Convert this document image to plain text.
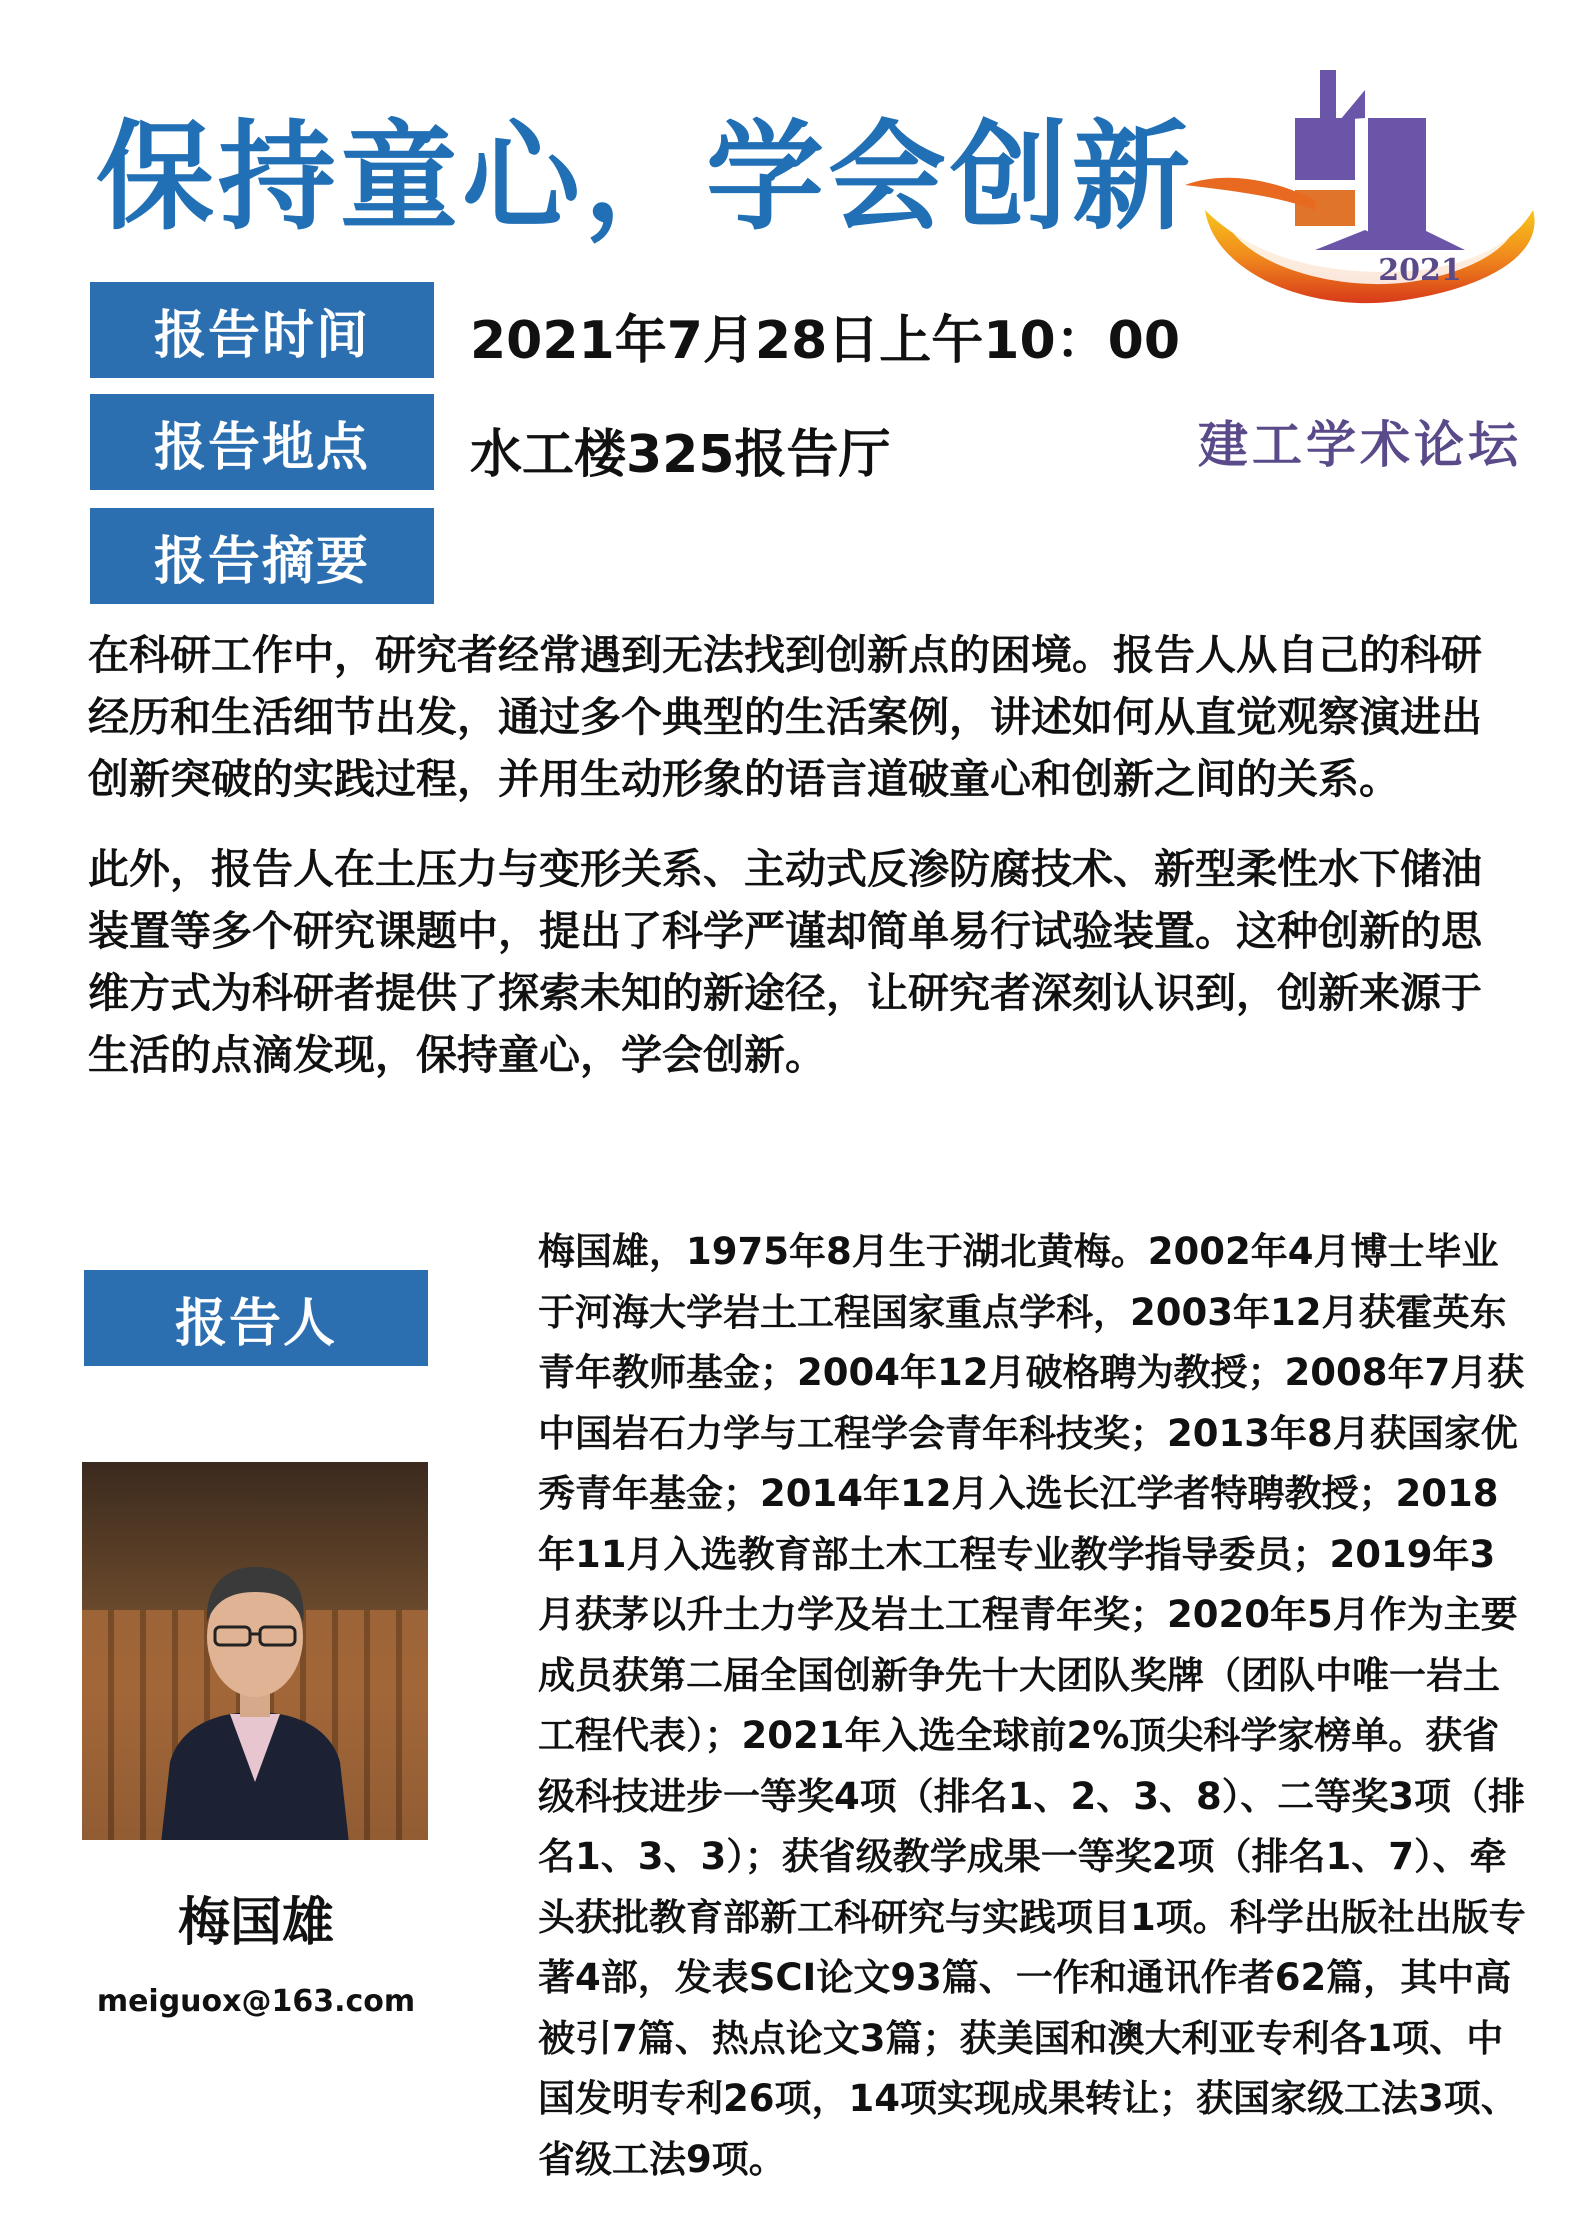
保持童心，学会创新
2021
建工学术论坛
报告时间	2021年7月28日上午10：00
报告地点	水工楼325报告厅
报告摘要

在科研工作中，研究者经常遇到无法找到创新点的困境。报告人从自己的科研经历和生活细节出发，通过多个典型的生活案例，讲述如何从直觉观察演进出创新突破的实践过程，并用生动形象的语言道破童心和创新之间的关系。

此外，报告人在土压力与变形关系、主动式反渗防腐技术、新型柔性水下储油装置等多个研究课题中，提出了科学严谨却简单易行试验装置。这种创新的思维方式为科研者提供了探索未知的新途径，让研究者深刻认识到，创新来源于生活的点滴发现，保持童心，学会创新。

报告人
梅国雄
meiguox@163.com
梅国雄，1975年8月生于湖北黄梅。2002年4月博士毕业于河海大学岩土工程国家重点学科，2003年12月获霍英东青年教师基金；2004年12月破格聘为教授；2008年7月获中国岩石力学与工程学会青年科技奖；2013年8月获国家优秀青年基金；2014年12月入选长江学者特聘教授；2018年11月入选教育部土木工程专业教学指导委员；2019年3月获茅以升土力学及岩土工程青年奖；2020年5月作为主要成员获第二届全国创新争先十大团队奖牌（团队中唯一岩土工程代表）；2021年入选全球前2%顶尖科学家榜单。获省级科技进步一等奖4项（排名1、2、3、8）、二等奖3项（排名1、3、3）；获省级教学成果一等奖2项（排名1、7）、牵头获批教育部新工科研究与实践项目1项。科学出版社出版专著4部，发表SCI论文93篇、一作和通讯作者62篇，其中高被引7篇、热点论文3篇；获美国和澳大利亚专利各1项、中国发明专利26项，14项实现成果转让；获国家级工法3项、省级工法9项。
